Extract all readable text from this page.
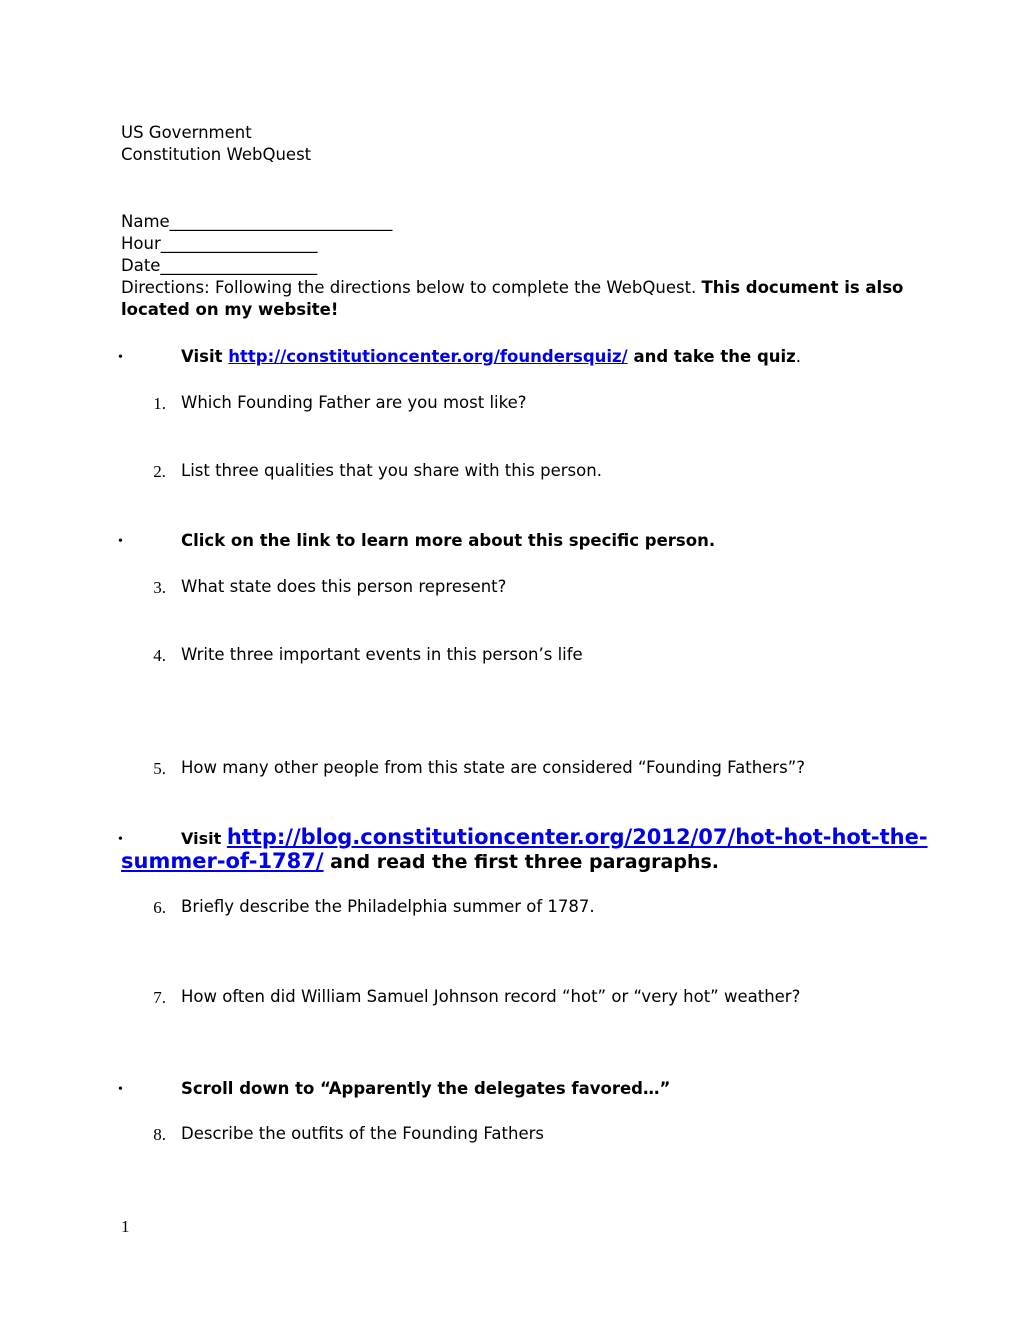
US Government
Constitution WebQuest
Name___________________________
Hour___________________
Date___________________
Directions: Following the directions below to complete the WebQuest. This document is also
located on my website!
•	Visit http://constitutioncenter.org/foundersquiz/ and take the quiz.
1. Which Founding Father are you most like?
2. List three qualities that you share with this person.
•	Click on the link to learn more about this specific person.
3. What state does this person represent?
4. Write three important events in this person’s life
5. How many other people from this state are considered “Founding Fathers”?
•	Visit http://blog.constitutioncenter.org/2012/07/hot-hot-hot-the-
summer-of-1787/ and read the first three paragraphs.
6. Briefly describe the Philadelphia summer of 1787.
7. How often did William Samuel Johnson record “hot” or “very hot” weather?
•	Scroll down to “Apparently the delegates favored…”
8. Describe the outfits of the Founding Fathers
1
